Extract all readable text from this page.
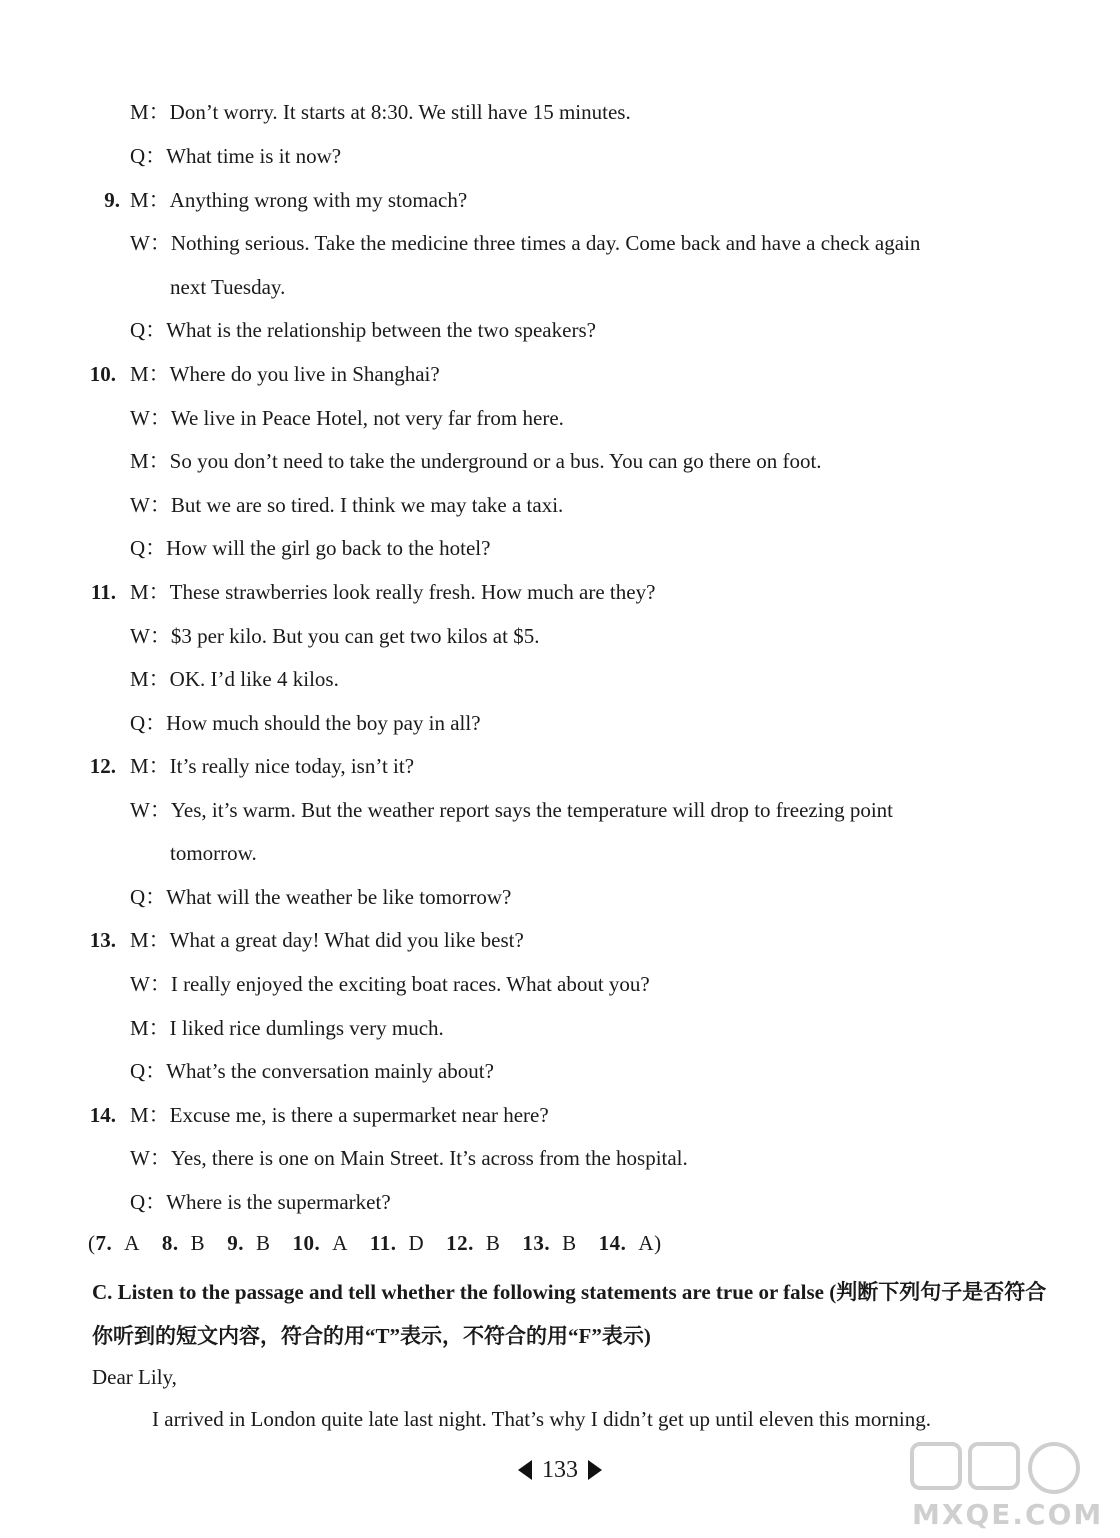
M：Don’t worry. It starts at 8:30. We still have 15 minutes.
Q：What time is it now?
9. M：Anything wrong with my stomach?
W：Nothing serious. Take the medicine three times a day. Come back and have a check again
next Tuesday.
Q：What is the relationship between the two speakers?
10. M：Where do you live in Shanghai?
W：We live in Peace Hotel, not very far from here.
M：So you don’t need to take the underground or a bus. You can go there on foot.
W：But we are so tired. I think we may take a taxi.
Q：How will the girl go back to the hotel?
11. M：These strawberries look really fresh. How much are they?
W：$3 per kilo. But you can get two kilos at $5.
M：OK. I’d like 4 kilos.
Q：How much should the boy pay in all?
12. M：It’s really nice today, isn’t it?
W：Yes, it’s warm. But the weather report says the temperature will drop to freezing point
tomorrow.
Q：What will the weather be like tomorrow?
13. M：What a great day! What did you like best?
W：I really enjoyed the exciting boat races. What about you?
M：I liked rice dumlings very much.
Q：What’s the conversation mainly about?
14. M：Excuse me, is there a supermarket near here?
W：Yes, there is one on Main Street. It’s across from the hospital.
Q：Where is the supermarket?
(7. A 8. B 9. B 10. A 11. D 12. B 13. B 14. A)
C. Listen to the passage and tell whether the following statements are true or false (判断下列句子是否符合你听到的短文内容，符合的用“T”表示，不符合的用“F”表示)
Dear Lily,
I arrived in London quite late last night. That’s why I didn’t get up until eleven this morning.
133
MXQE.COM
